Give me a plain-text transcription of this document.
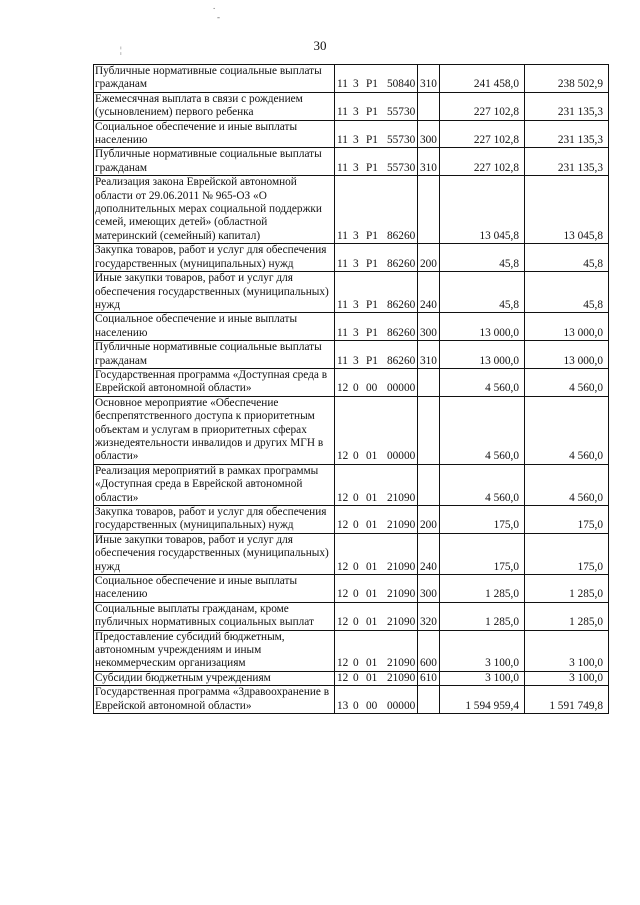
.
-
¦	30
Публичные нормативные социальные выплаты гражданам	11 3 Р1 50840	310	241 458,0	238 502,9
Ежемесячная выплата в связи с рождением (усыновлением) первого ребенка	11 3 Р1 55730		227 102,8	231 135,3
Социальное обеспечение и иные выплаты населению	11 3 Р1 55730	300	227 102,8	231 135,3
Публичные нормативные социальные выплаты гражданам	11 3 Р1 55730	310	227 102,8	231 135,3
Реализация закона Еврейской автономной области от 29.06.2011 № 965-ОЗ «О дополнительных мерах социальной поддержки семей, имеющих детей» (областной материнский (семейный) капитал)	11 3 Р1 86260		13 045,8	13 045,8
Закупка товаров, работ и услуг для обеспечения государственных (муниципальных) нужд	11 3 Р1 86260	200	45,8	45,8
Иные закупки товаров, работ и услуг для обеспечения государственных (муниципальных) нужд	11 3 Р1 86260	240	45,8	45,8
Социальное обеспечение и иные выплаты населению	11 3 Р1 86260	300	13 000,0	13 000,0
Публичные нормативные социальные выплаты гражданам	11 3 Р1 86260	310	13 000,0	13 000,0
Государственная программа «Доступная среда в Еврейской автономной области»	12 0 00 00000		4 560,0	4 560,0
Основное мероприятие «Обеспечение беспрепятственного доступа к приоритетным объектам и услугам в приоритетных сферах жизнедеятельности инвалидов и других МГН в области»	12 0 01 00000		4 560,0	4 560,0
Реализация мероприятий в рамках программы «Доступная среда в Еврейской автономной области»	12 0 01 21090		4 560,0	4 560,0
Закупка товаров, работ и услуг для обеспечения государственных (муниципальных) нужд	12 0 01 21090	200	175,0	175,0
Иные закупки товаров, работ и услуг для обеспечения государственных (муниципальных) нужд	12 0 01 21090	240	175,0	175,0
Социальное обеспечение и иные выплаты населению	12 0 01 21090	300	1 285,0	1 285,0
Социальные выплаты гражданам, кроме публичных нормативных социальных выплат	12 0 01 21090	320	1 285,0	1 285,0
Предоставление субсидий бюджетным, автономным учреждениям и иным некоммерческим организациям	12 0 01 21090	600	3 100,0	3 100,0
Субсидии бюджетным учреждениям	12 0 01 21090	610	3 100,0	3 100,0
Государственная программа «Здравоохранение в Еврейской автономной области»	13 0 00 00000		1 594 959,4	1 591 749,8
